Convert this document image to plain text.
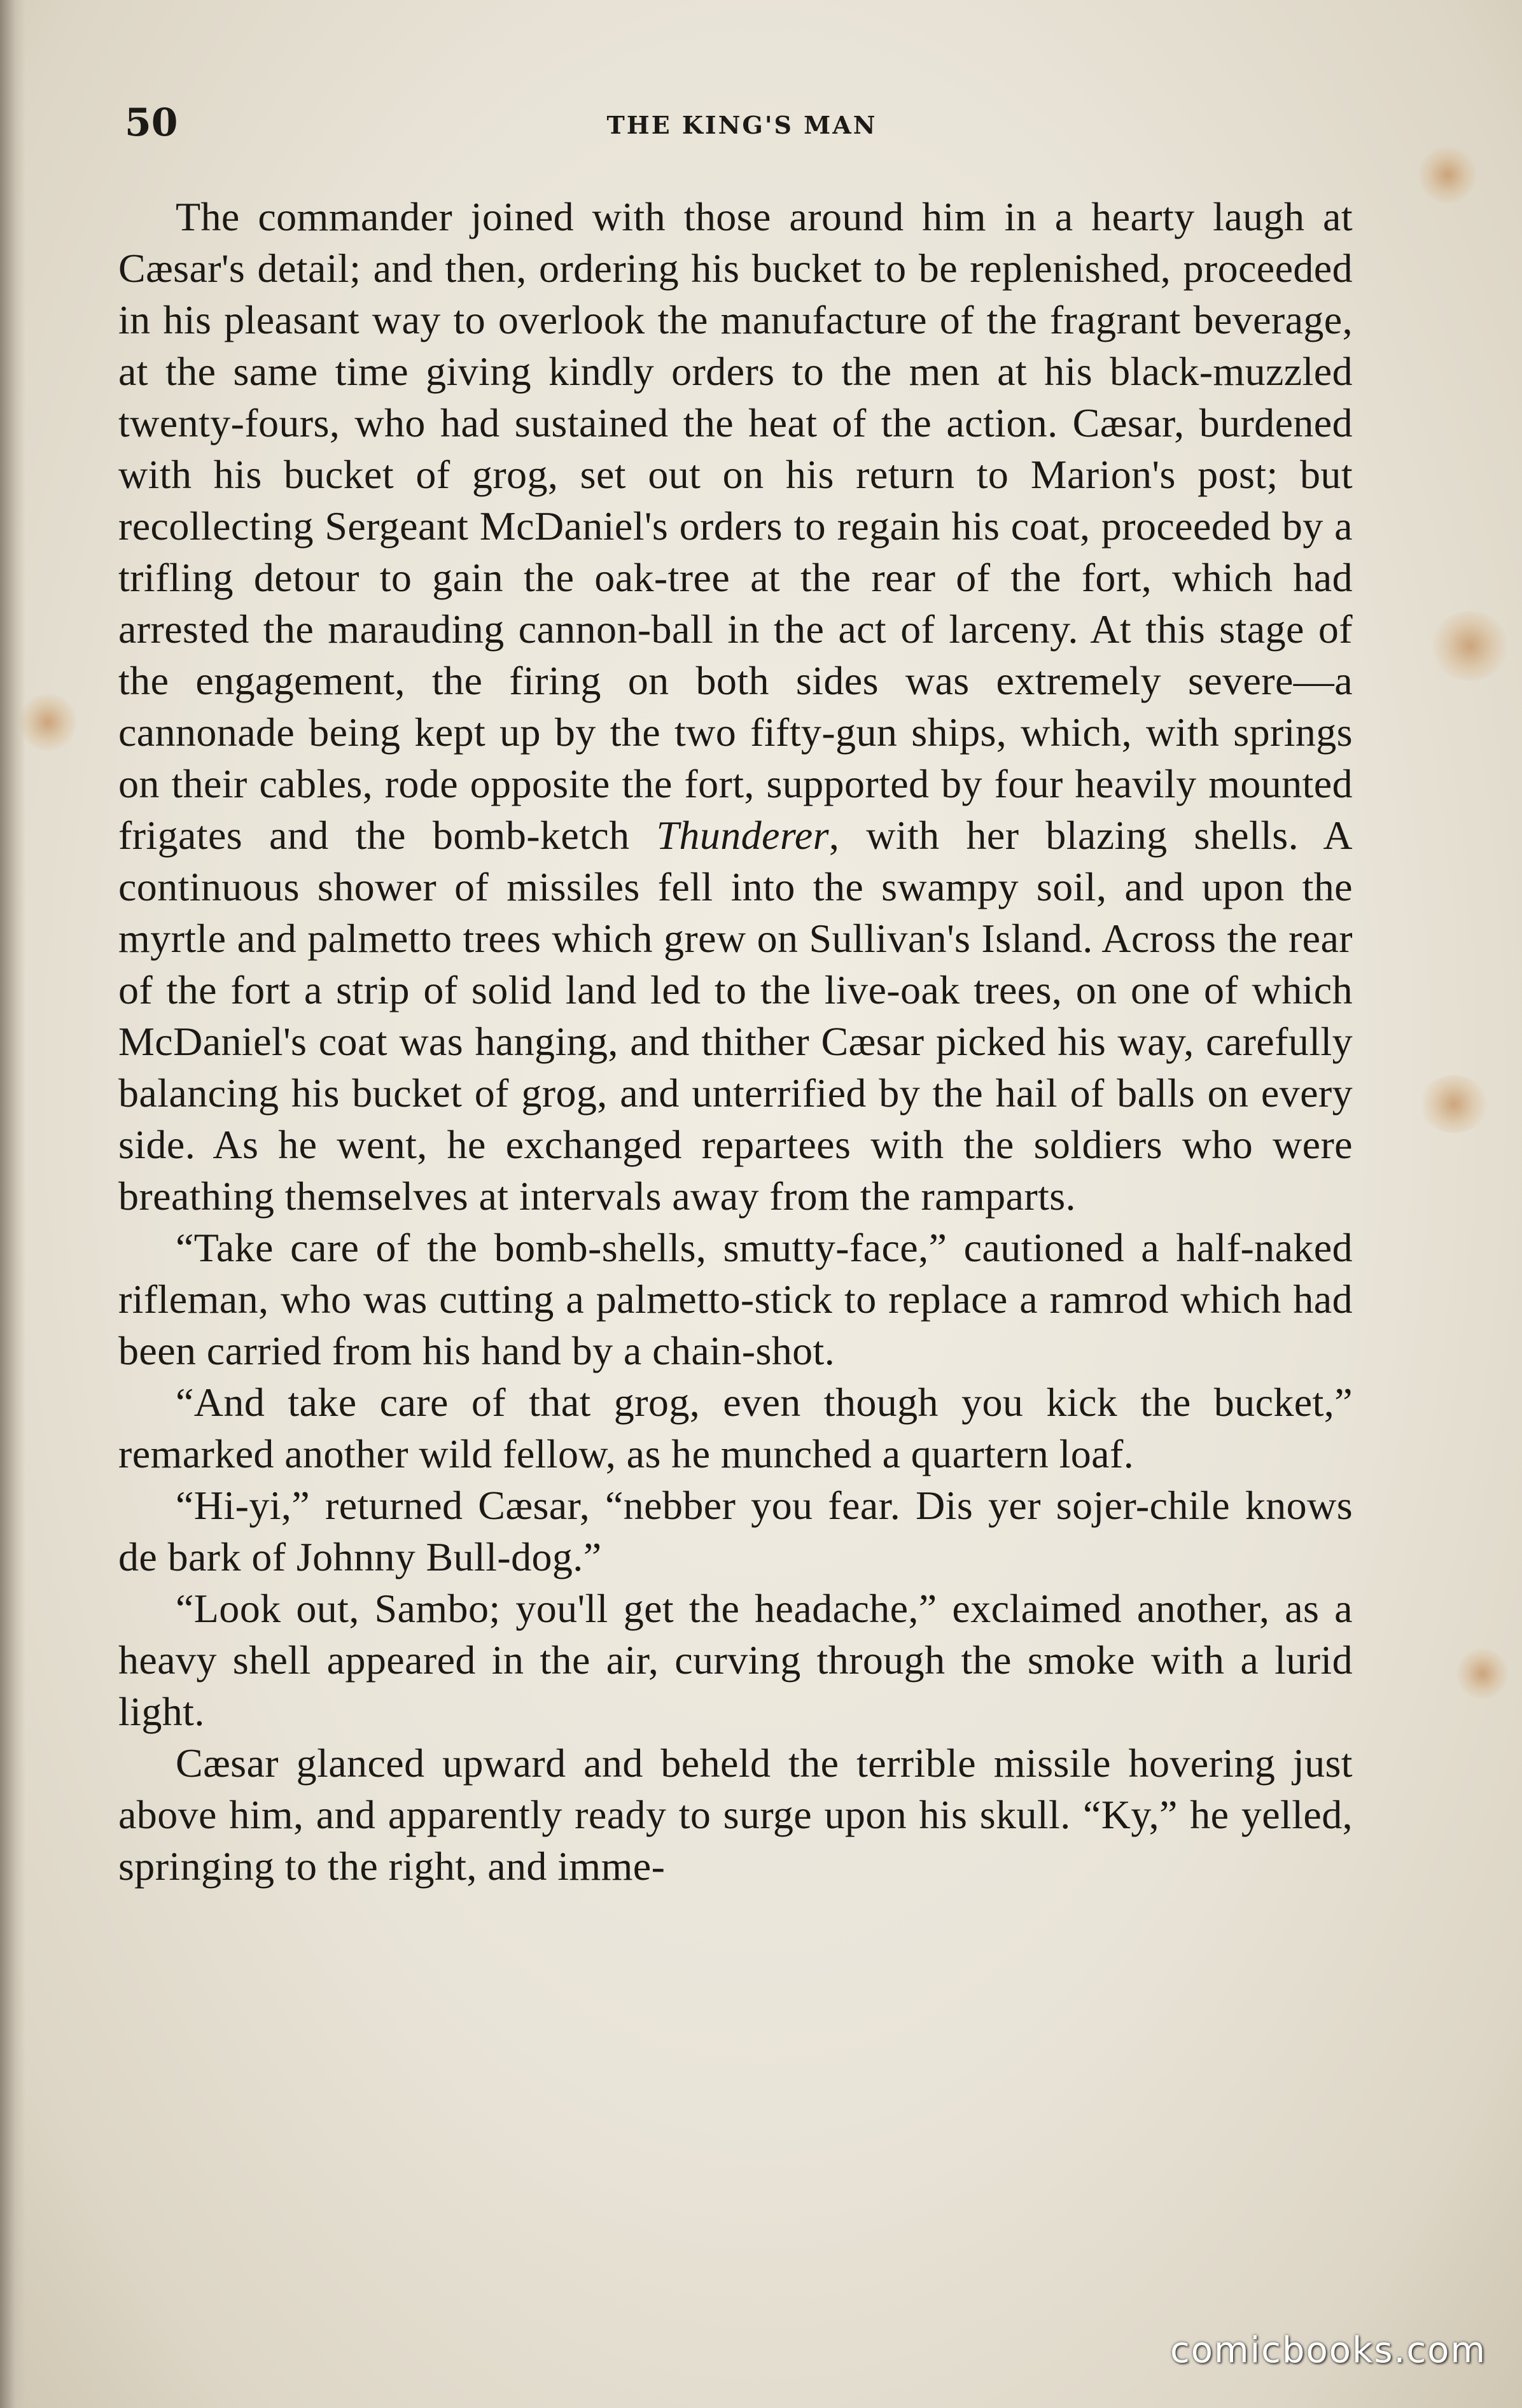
50	THE KING'S MAN

The commander joined with those around him in a hearty laugh at Cæsar's detail; and then, ordering his bucket to be replenished, proceeded in his pleasant way to overlook the manufacture of the fragrant beverage, at the same time giving kindly orders to the men at his black-muzzled twenty-fours, who had sustained the heat of the action. Cæsar, burdened with his bucket of grog, set out on his return to Marion's post; but recollecting Sergeant McDaniel's orders to regain his coat, proceeded by a trifling detour to gain the oak-tree at the rear of the fort, which had arrested the marauding cannon-ball in the act of larceny. At this stage of the engagement, the firing on both sides was extremely severe—a cannonade being kept up by the two fifty-gun ships, which, with springs on their cables, rode opposite the fort, supported by four heavily mounted frigates and the bomb-ketch Thunderer, with her blazing shells. A continuous shower of missiles fell into the swampy soil, and upon the myrtle and palmetto trees which grew on Sullivan's Island. Across the rear of the fort a strip of solid land led to the live-oak trees, on one of which McDaniel's coat was hanging, and thither Cæsar picked his way, carefully balancing his bucket of grog, and unterrified by the hail of balls on every side. As he went, he exchanged repartees with the soldiers who were breathing themselves at intervals away from the ramparts.

“Take care of the bomb-shells, smutty-face,” cautioned a half-naked rifleman, who was cutting a palmetto-stick to replace a ramrod which had been carried from his hand by a chain-shot.

“And take care of that grog, even though you kick the bucket,” remarked another wild fellow, as he munched a quartern loaf.

“Hi-yi,” returned Cæsar, “nebber you fear. Dis yer sojer-chile knows de bark of Johnny Bull-dog.”

“Look out, Sambo; you'll get the headache,” exclaimed another, as a heavy shell appeared in the air, curving through the smoke with a lurid light.

Cæsar glanced upward and beheld the terrible missile hovering just above him, and apparently ready to surge upon his skull. “Ky,” he yelled, springing to the right, and imme-

comicbooks.com
